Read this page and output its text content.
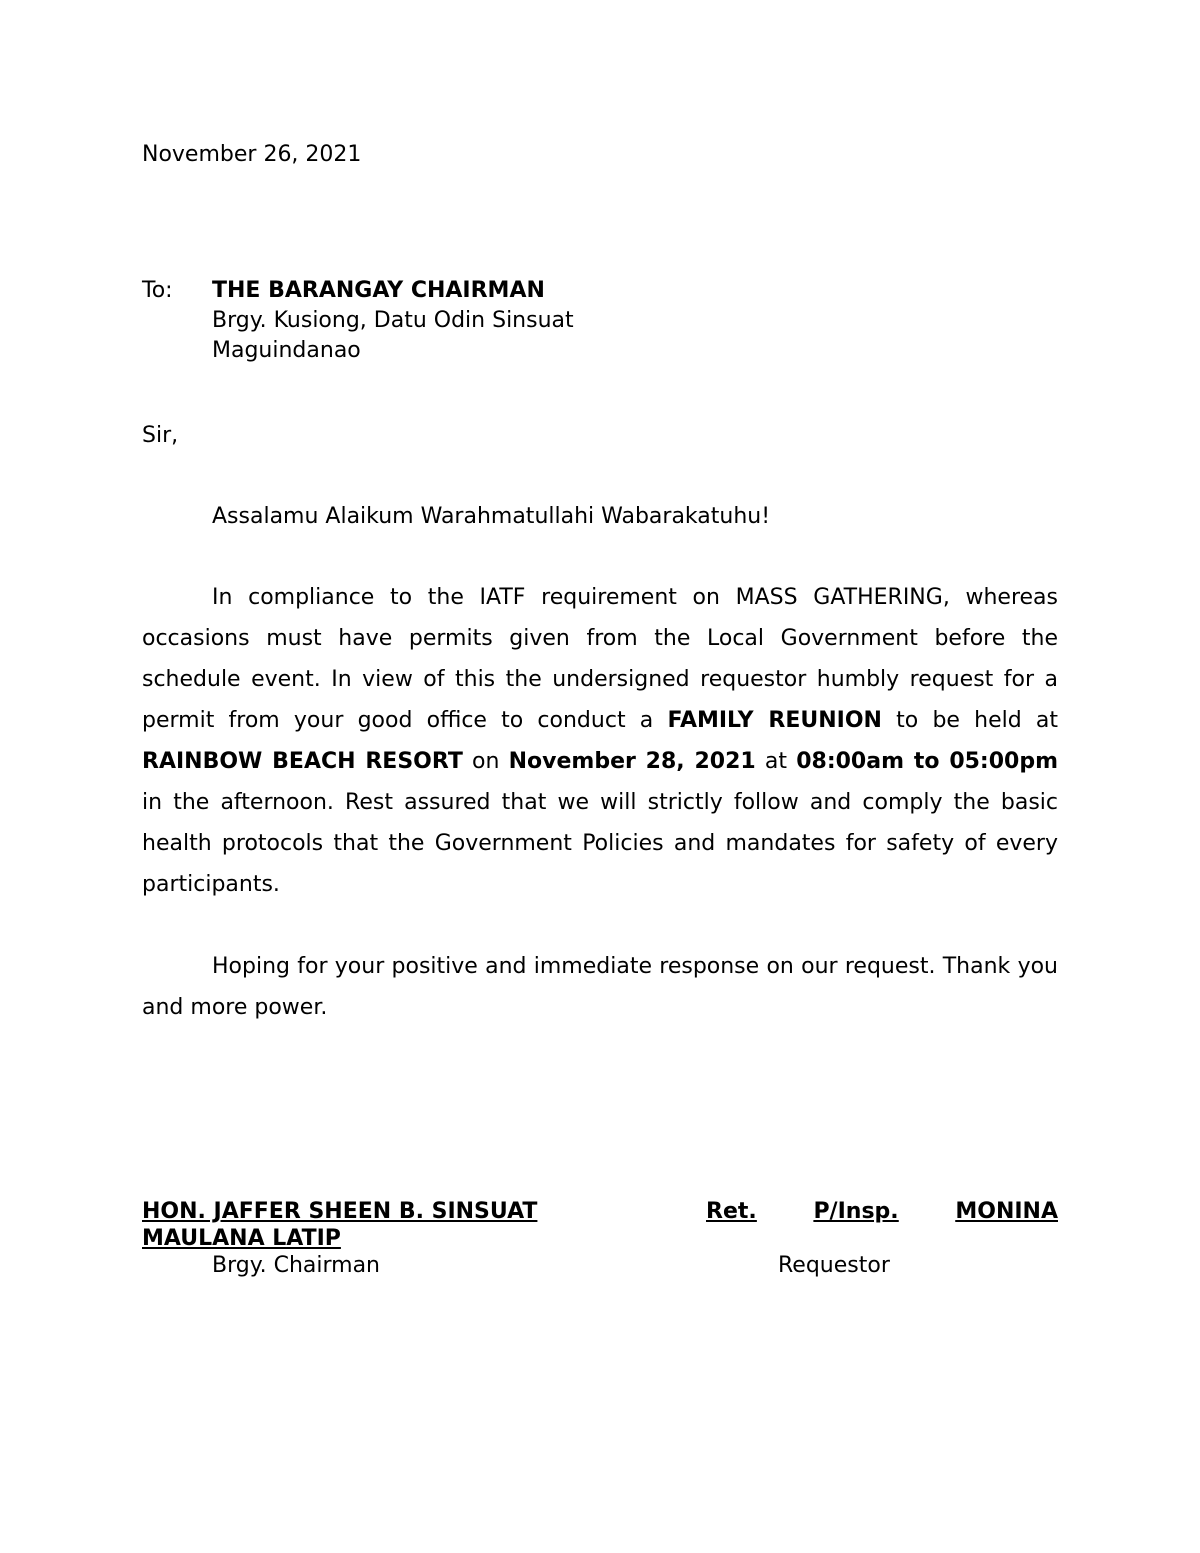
November 26, 2021
To: THE BARANGAY CHAIRMAN
Brgy. Kusiong, Datu Odin Sinsuat
Maguindanao
Sir,
Assalamu Alaikum Warahmatullahi Wabarakatuhu!

In compliance to the IATF requirement on MASS GATHERING, whereas occasions must have permits given from the Local Government before the schedule event. In view of this the undersigned requestor humbly request for a permit from your good office to conduct a FAMILY REUNION to be held at RAINBOW BEACH RESORT on November 28, 2021 at 08:00am to 05:00pm in the afternoon. Rest assured that we will strictly follow and comply the basic health protocols that the Government Policies and mandates for safety of every participants.

Hoping for your positive and immediate response on our request. Thank you and more power.

HON. JAFFER SHEEN B. SINSUAT	Ret.	P/Insp.	MONINA
MAULANA LATIP
Brgy. Chairman	Requestor
